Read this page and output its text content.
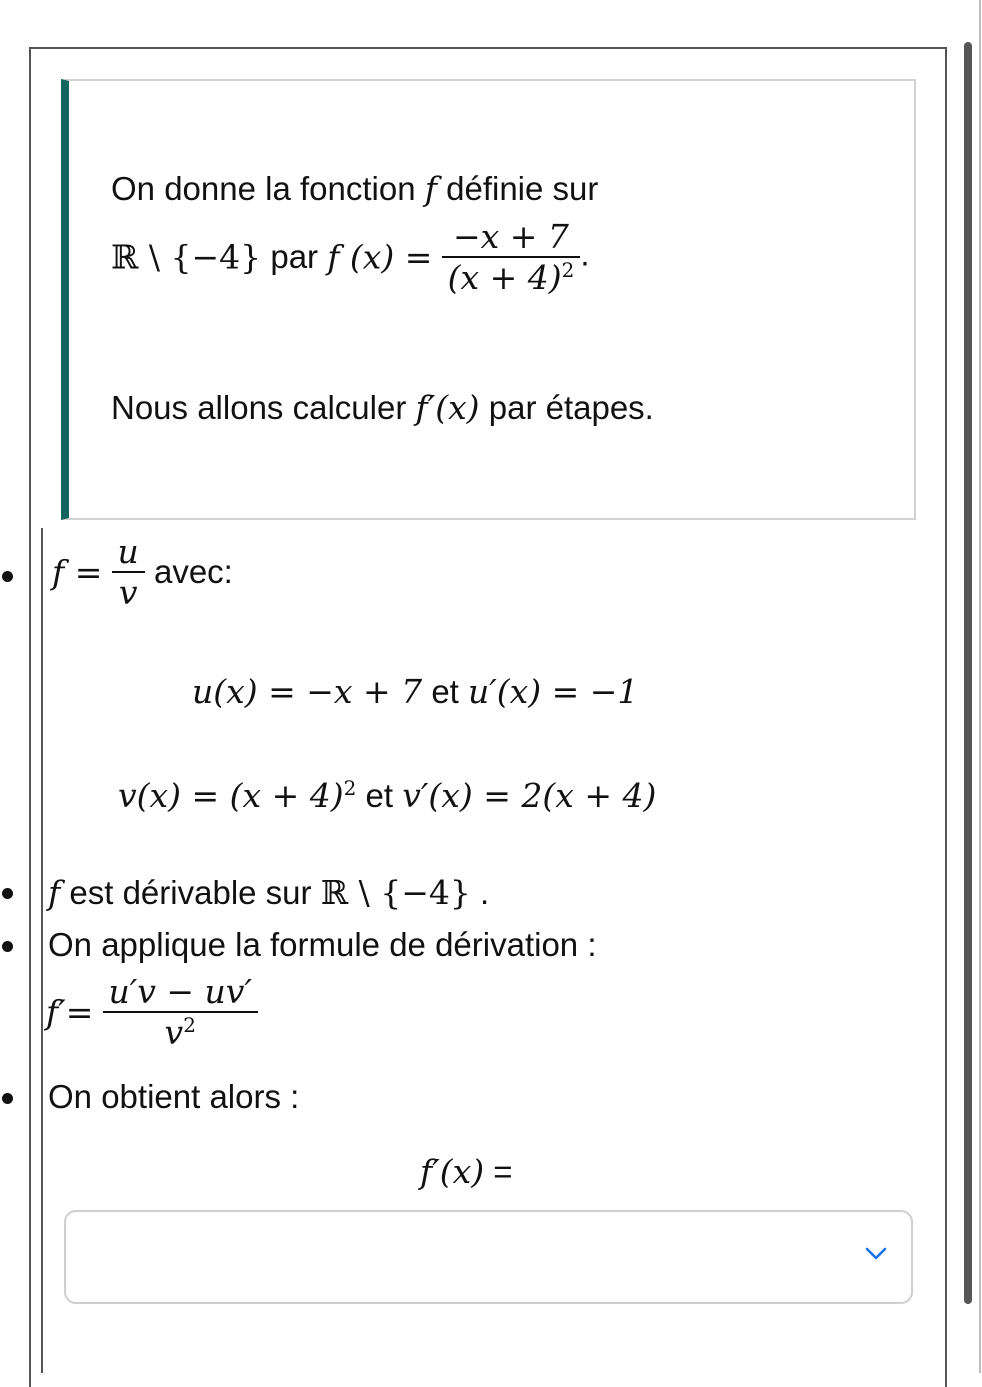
On donne la fonction f définie sur
ℝ \ {−4} par f $(x) = \frac{-x + 7}{(x + 4)^2}$ .
Nous allons calculer f′(x) par étapes.
$f = \frac{u}{v}$ avec:
u(x) = −x + 7 et u′(x) = −1
$v(x) = (x + 4)^2$ et v′(x) = 2(x + 4)
f est dérivable sur ℝ \ {−4} .
On applique la formule de dérivation :
$f'= \frac{u'v - uv'}{v^2}$
On obtient alors :
f′(x) =
